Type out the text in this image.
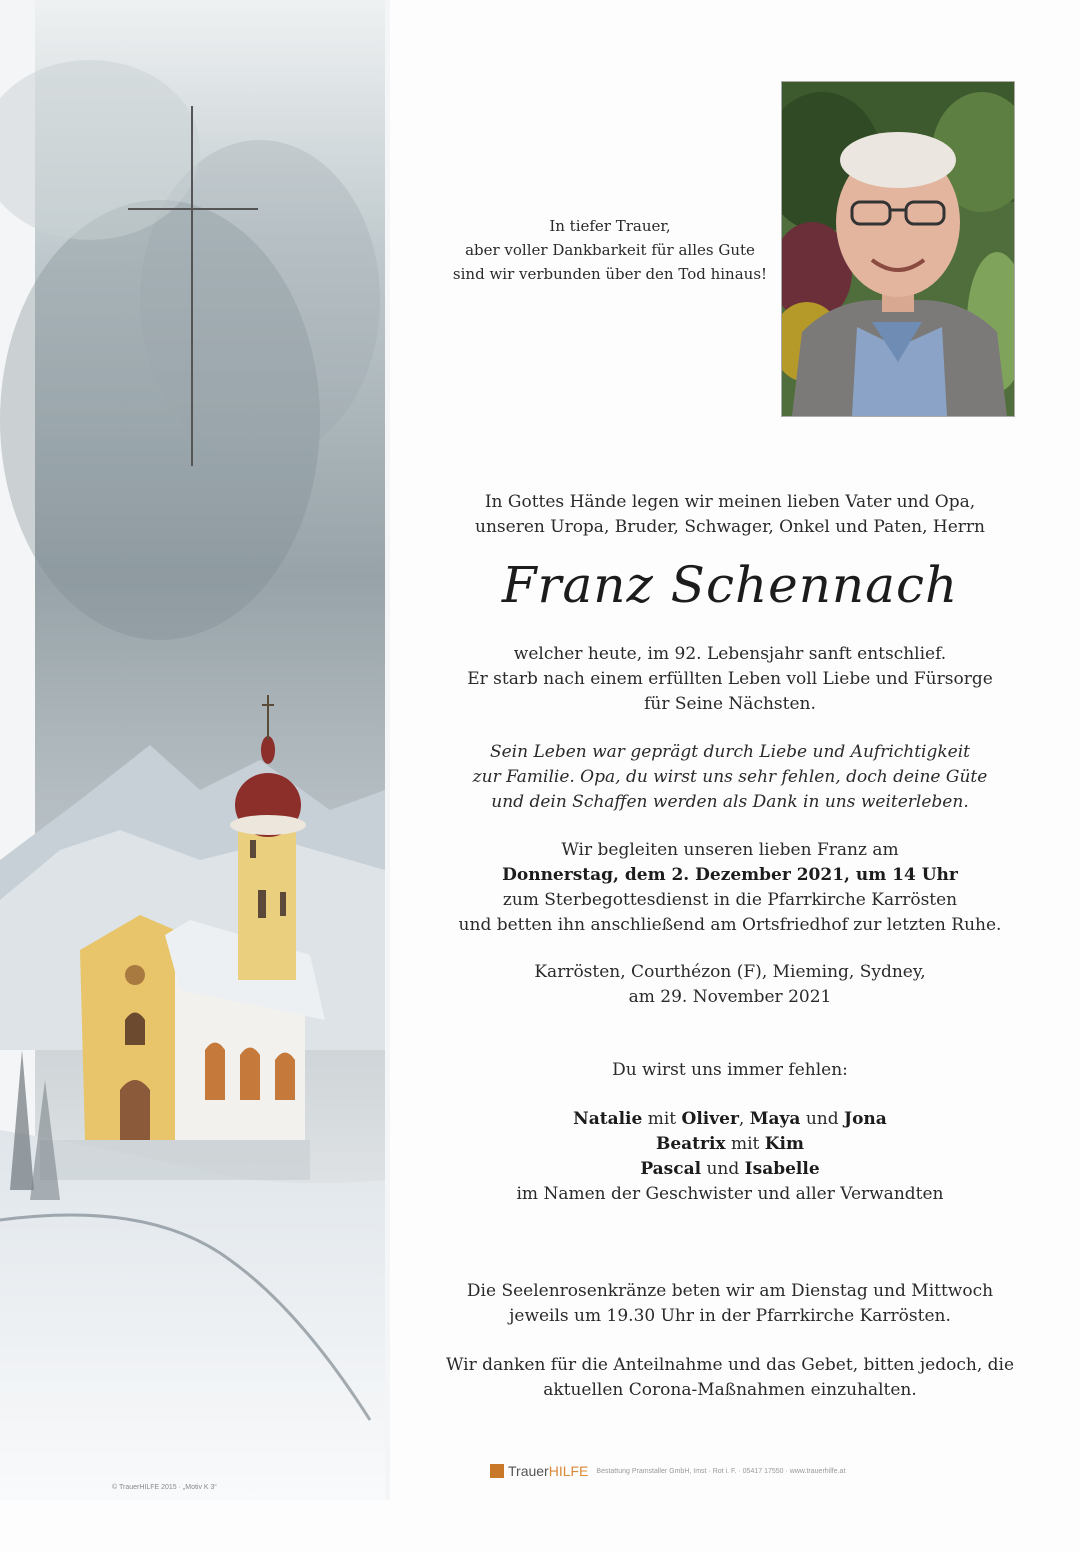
In tiefer Trauer,
aber voller Dankbarkeit für alles Gute
sind wir verbunden über den Tod hinaus!
In Gottes Hände legen wir meinen lieben Vater und Opa,
unseren Uropa, Bruder, Schwager, Onkel und Paten, Herrn
Franz Schennach
welcher heute, im 92. Lebensjahr sanft entschlief.
Er starb nach einem erfüllten Leben voll Liebe und Fürsorge
für Seine Nächsten.
Sein Leben war geprägt durch Liebe und Aufrichtigkeit
zur Familie. Opa, du wirst uns sehr fehlen, doch deine Güte
und dein Schaffen werden als Dank in uns weiterleben.
Wir begleiten unseren lieben Franz am
Donnerstag, dem 2. Dezember 2021, um 14 Uhr
zum Sterbegottesdienst in die Pfarrkirche Karrösten
und betten ihn anschließend am Ortsfriedhof zur letzten Ruhe.
Karrösten, Courthézon (F), Mieming, Sydney,
am 29. November 2021
Du wirst uns immer fehlen:
Natalie mit Oliver, Maya und Jona
Beatrix mit Kim
Pascal und Isabelle
im Namen der Geschwister und aller Verwandten
Die Seelenrosenkränze beten wir am Dienstag und Mittwoch
jeweils um 19.30 Uhr in der Pfarrkirche Karrösten.
Wir danken für die Anteilnahme und das Gebet, bitten jedoch, die
aktuellen Corona-Maßnahmen einzuhalten.
TrauerHILFE Bestattung Pramstaller GmbH, Imst · Rot i. F. · 05417 17550 · www.trauerhilfe.at
© TrauerHILFE 2015 · „Motiv K 3“
